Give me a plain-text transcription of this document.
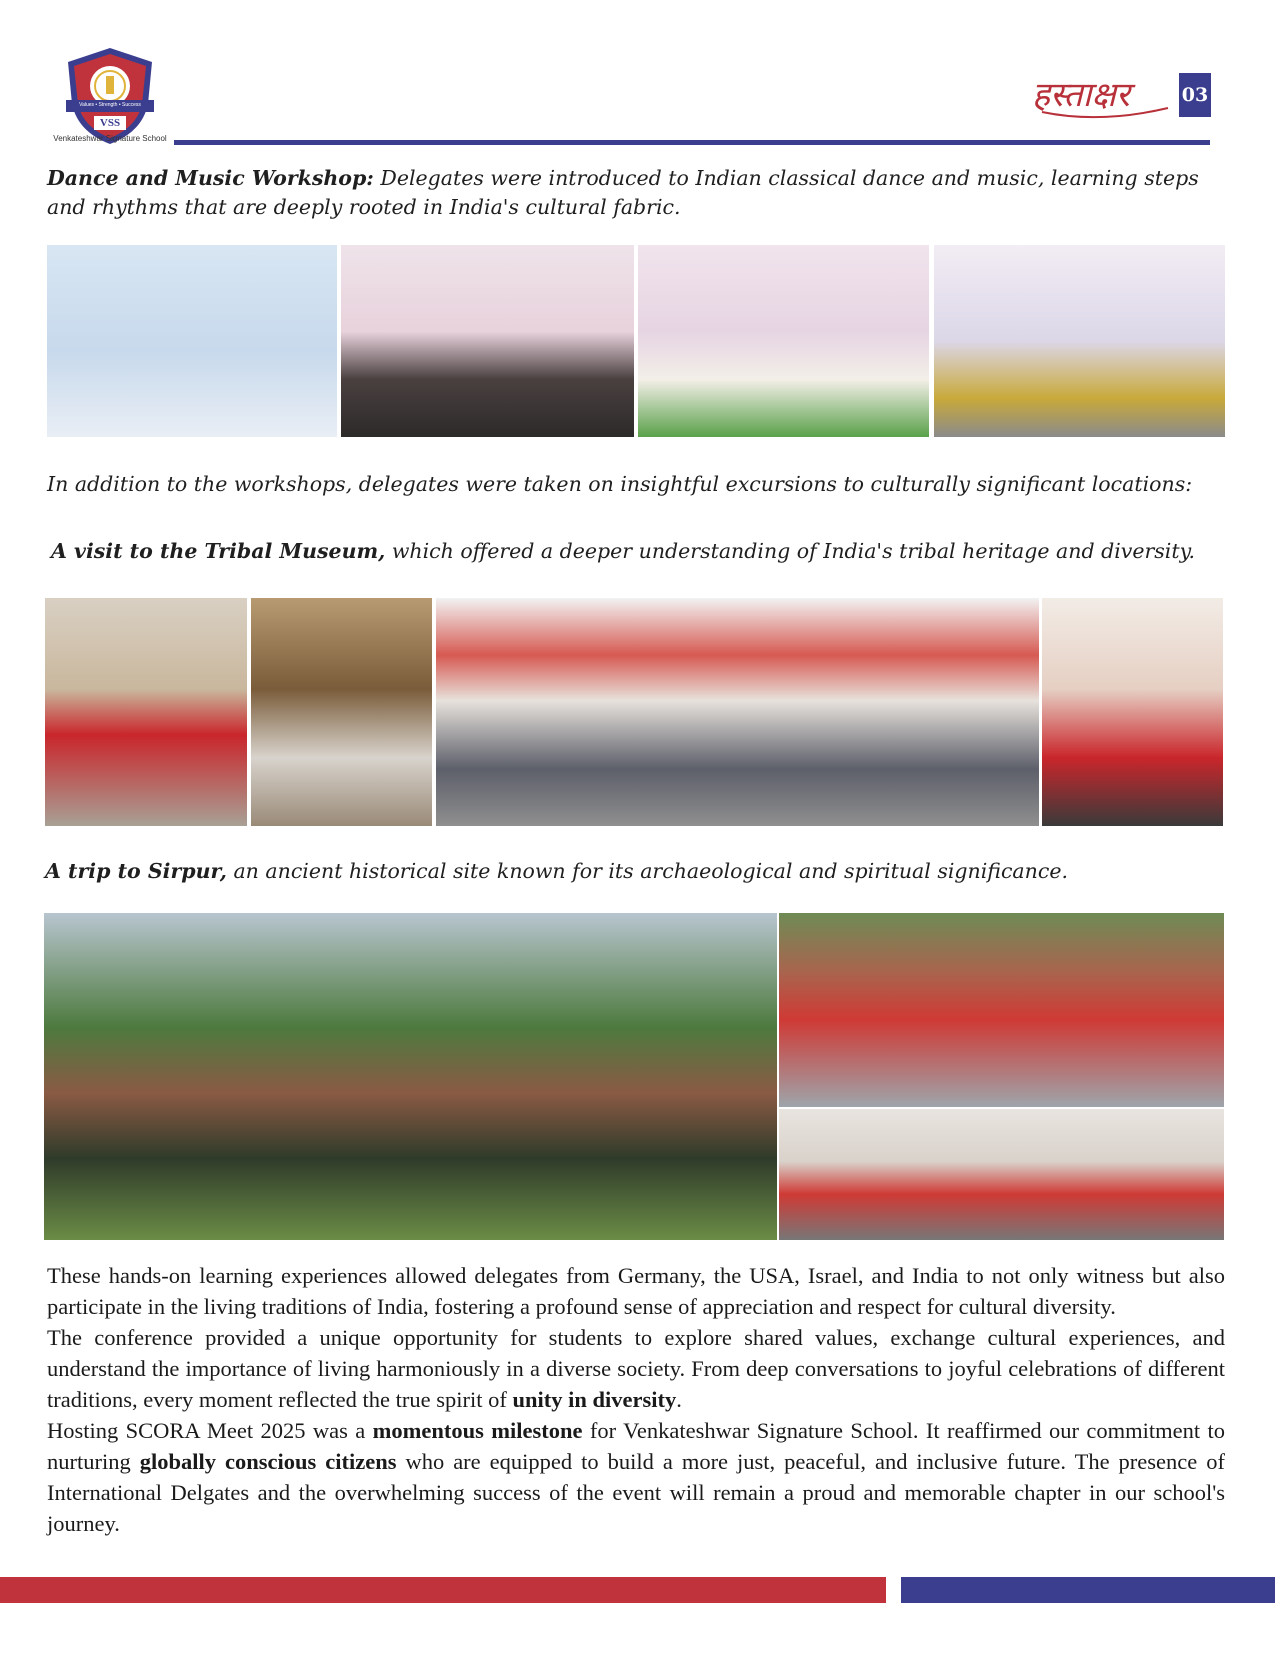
Values • Strength • Success
VSS
Venkateshwar Signature School
हस्ताक्षर	03
Dance and Music Workshop: Delegates were introduced to Indian classical dance and music, learning steps and rhythms that are deeply rooted in India's cultural fabric.
In addition to the workshops, delegates were taken on insightful excursions to culturally significant locations:
A visit to the Tribal Museum, which offered a deeper understanding of India's tribal heritage and diversity.
A trip to Sirpur, an ancient historical site known for its archaeological and spiritual significance.

These hands-on learning experiences allowed delegates from Germany, the USA, Israel, and India to not only witness but also participate in the living traditions of India, fostering a profound sense of appreciation and respect for cultural diversity.

The conference provided a unique opportunity for students to explore shared values, exchange cultural experiences, and understand the importance of living harmoniously in a diverse society. From deep conversations to joyful celebrations of different traditions, every moment reflected the true spirit of unity in diversity.

Hosting SCORA Meet 2025 was a momentous milestone for Venkateshwar Signature School. It reaffirmed our commitment to nurturing globally conscious citizens who are equipped to build a more just, peaceful, and inclusive future. The presence of International Delgates and the overwhelming success of the event will remain a proud and memorable chapter in our school's journey.
